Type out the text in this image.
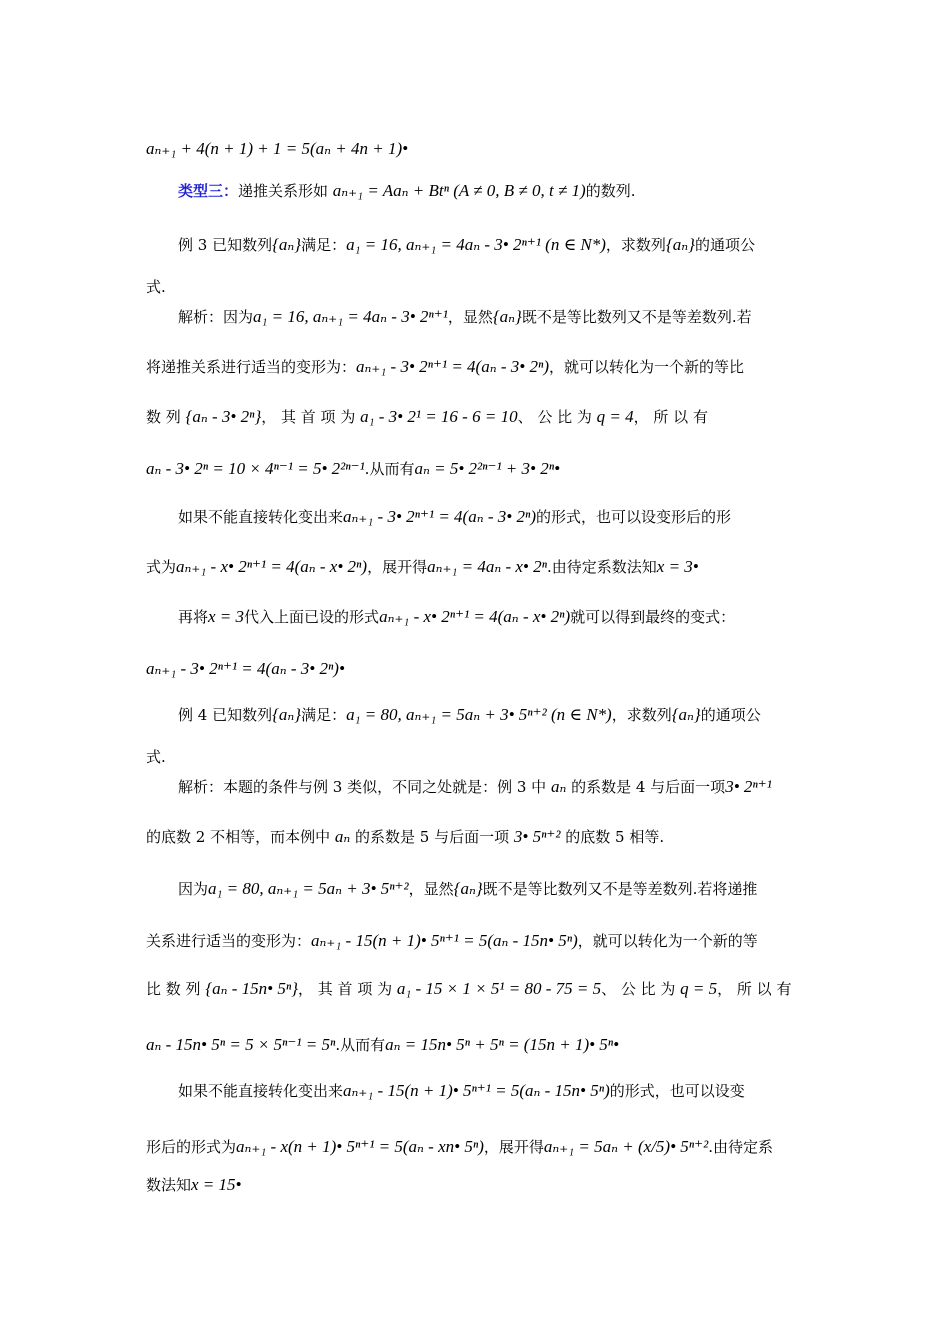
aₙ₊₁ + 4(n + 1) + 1 = 5(aₙ + 4n + 1)•
类型三：递推关系形如 aₙ₊₁ = Aaₙ + Btⁿ (A ≠ 0, B ≠ 0, t ≠ 1)的数列.
例 3 已知数列{aₙ}满足：a₁ = 16, aₙ₊₁ = 4aₙ - 3• 2ⁿ⁺¹ (n ∈ N*)，求数列{aₙ}的通项公
式.
解析：因为a₁ = 16, aₙ₊₁ = 4aₙ - 3• 2ⁿ⁺¹，显然{aₙ}既不是等比数列又不是等差数列.若
将递推关系进行适当的变形为：aₙ₊₁ - 3• 2ⁿ⁺¹ = 4(aₙ - 3• 2ⁿ)，就可以转化为一个新的等比
数 列 {aₙ - 3• 2ⁿ}， 其 首 项 为 a₁ - 3• 2¹ = 16 - 6 = 10、 公 比 为 q = 4， 所 以 有
aₙ - 3• 2ⁿ = 10 × 4ⁿ⁻¹ = 5• 2²ⁿ⁻¹.从而有aₙ = 5• 2²ⁿ⁻¹ + 3• 2ⁿ•
如果不能直接转化变出来aₙ₊₁ - 3• 2ⁿ⁺¹ = 4(aₙ - 3• 2ⁿ)的形式，也可以设变形后的形
式为aₙ₊₁ - x• 2ⁿ⁺¹ = 4(aₙ - x• 2ⁿ)，展开得aₙ₊₁ = 4aₙ - x• 2ⁿ.由待定系数法知x = 3•
再将x = 3代入上面已设的形式aₙ₊₁ - x• 2ⁿ⁺¹ = 4(aₙ - x• 2ⁿ)就可以得到最终的变式：
aₙ₊₁ - 3• 2ⁿ⁺¹ = 4(aₙ - 3• 2ⁿ)•
例 4 已知数列{aₙ}满足：a₁ = 80, aₙ₊₁ = 5aₙ + 3• 5ⁿ⁺² (n ∈ N*)，求数列{aₙ}的通项公
式.
解析：本题的条件与例 3 类似，不同之处就是：例 3 中 aₙ 的系数是 4 与后面一项3• 2ⁿ⁺¹
的底数 2 不相等，而本例中 aₙ 的系数是 5 与后面一项 3• 5ⁿ⁺² 的底数 5 相等.
因为a₁ = 80, aₙ₊₁ = 5aₙ + 3• 5ⁿ⁺²，显然{aₙ}既不是等比数列又不是等差数列.若将递推
关系进行适当的变形为：aₙ₊₁ - 15(n + 1)• 5ⁿ⁺¹ = 5(aₙ - 15n• 5ⁿ)，就可以转化为一个新的等
比 数 列 {aₙ - 15n• 5ⁿ}， 其 首 项 为 a₁ - 15 × 1 × 5¹ = 80 - 75 = 5、 公 比 为 q = 5， 所 以 有
aₙ - 15n• 5ⁿ = 5 × 5ⁿ⁻¹ = 5ⁿ.从而有aₙ = 15n• 5ⁿ + 5ⁿ = (15n + 1)• 5ⁿ•
如果不能直接转化变出来aₙ₊₁ - 15(n + 1)• 5ⁿ⁺¹ = 5(aₙ - 15n• 5ⁿ)的形式，也可以设变
形后的形式为aₙ₊₁ - x(n + 1)• 5ⁿ⁺¹ = 5(aₙ - xn• 5ⁿ)，展开得aₙ₊₁ = 5aₙ + (x/5)• 5ⁿ⁺².由待定系
数法知x = 15•
